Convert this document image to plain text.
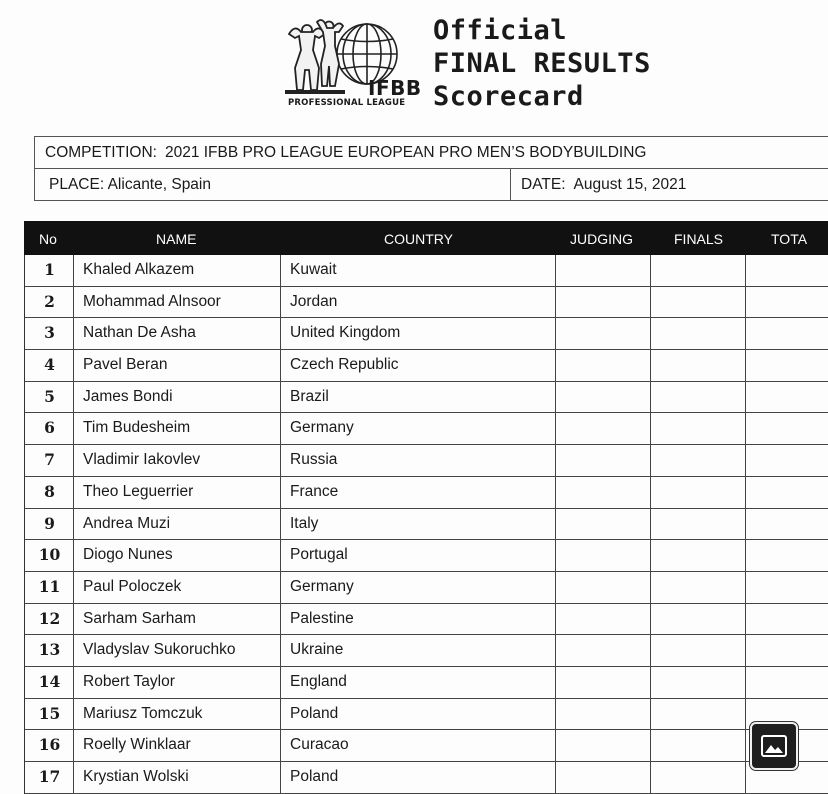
IFBB
PROFESSIONAL LEAGUE
Official
FINAL RESULTS
Scorecard
COMPETITION: 2021 IFBB PRO LEAGUE EUROPEAN PRO MEN’S BODYBUILDING
PLACE: Alicante, Spain	DATE: August 15, 2021
No	NAME	COUNTRY	JUDGING	FINALS	TOTA
1	Khaled Alkazem	Kuwait
2	Mohammad Alnsoor	Jordan
3	Nathan De Asha	United Kingdom
4	Pavel Beran	Czech Republic
5	James Bondi	Brazil
6	Tim Budesheim	Germany
7	Vladimir Iakovlev	Russia
8	Theo Leguerrier	France
9	Andrea Muzi	Italy
10	Diogo Nunes	Portugal
11	Paul Poloczek	Germany
12	Sarham Sarham	Palestine
13	Vladyslav Sukoruchko	Ukraine
14	Robert Taylor	England
15	Mariusz Tomczuk	Poland
16	Roelly Winklaar	Curacao
17	Krystian Wolski	Poland
